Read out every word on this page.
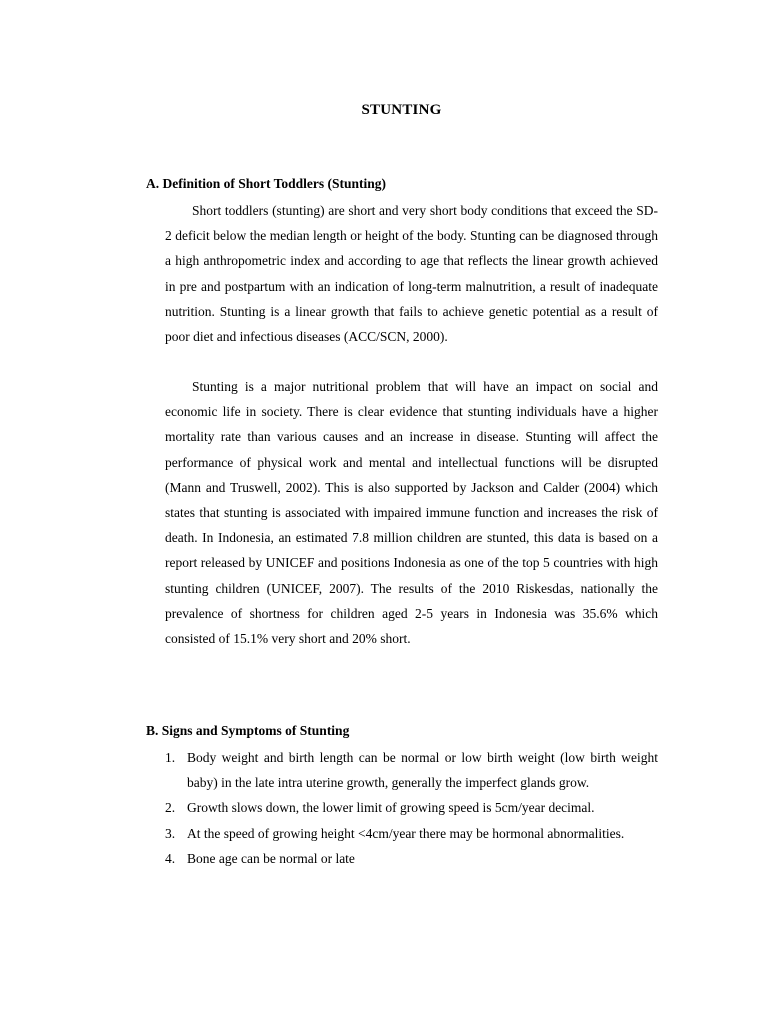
STUNTING
A. Definition of Short Toddlers (Stunting)

Short toddlers (stunting) are short and very short body conditions that exceed the SD-2 deficit below the median length or height of the body. Stunting can be diagnosed through a high anthropometric index and according to age that reflects the linear growth achieved in pre and postpartum with an indication of long-term malnutrition, a result of inadequate nutrition. Stunting is a linear growth that fails to achieve genetic potential as a result of poor diet and infectious diseases (ACC/SCN, 2000).

Stunting is a major nutritional problem that will have an impact on social and economic life in society. There is clear evidence that stunting individuals have a higher mortality rate than various causes and an increase in disease. Stunting will affect the performance of physical work and mental and intellectual functions will be disrupted (Mann and Truswell, 2002). This is also supported by Jackson and Calder (2004) which states that stunting is associated with impaired immune function and increases the risk of death. In Indonesia, an estimated 7.8 million children are stunted, this data is based on a report released by UNICEF and positions Indonesia as one of the top 5 countries with high stunting children (UNICEF, 2007). The results of the 2010 Riskesdas, nationally the prevalence of shortness for children aged 2-5 years in Indonesia was 35.6% which consisted of 15.1% very short and 20% short.

B. Signs and Symptoms of Stunting
1. Body weight and birth length can be normal or low birth weight (low birth weight baby) in the late intra uterine growth, generally the imperfect glands grow.
2. Growth slows down, the lower limit of growing speed is 5cm/year decimal.
3. At the speed of growing height <4cm/year there may be hormonal abnormalities.
4. Bone age can be normal or late
